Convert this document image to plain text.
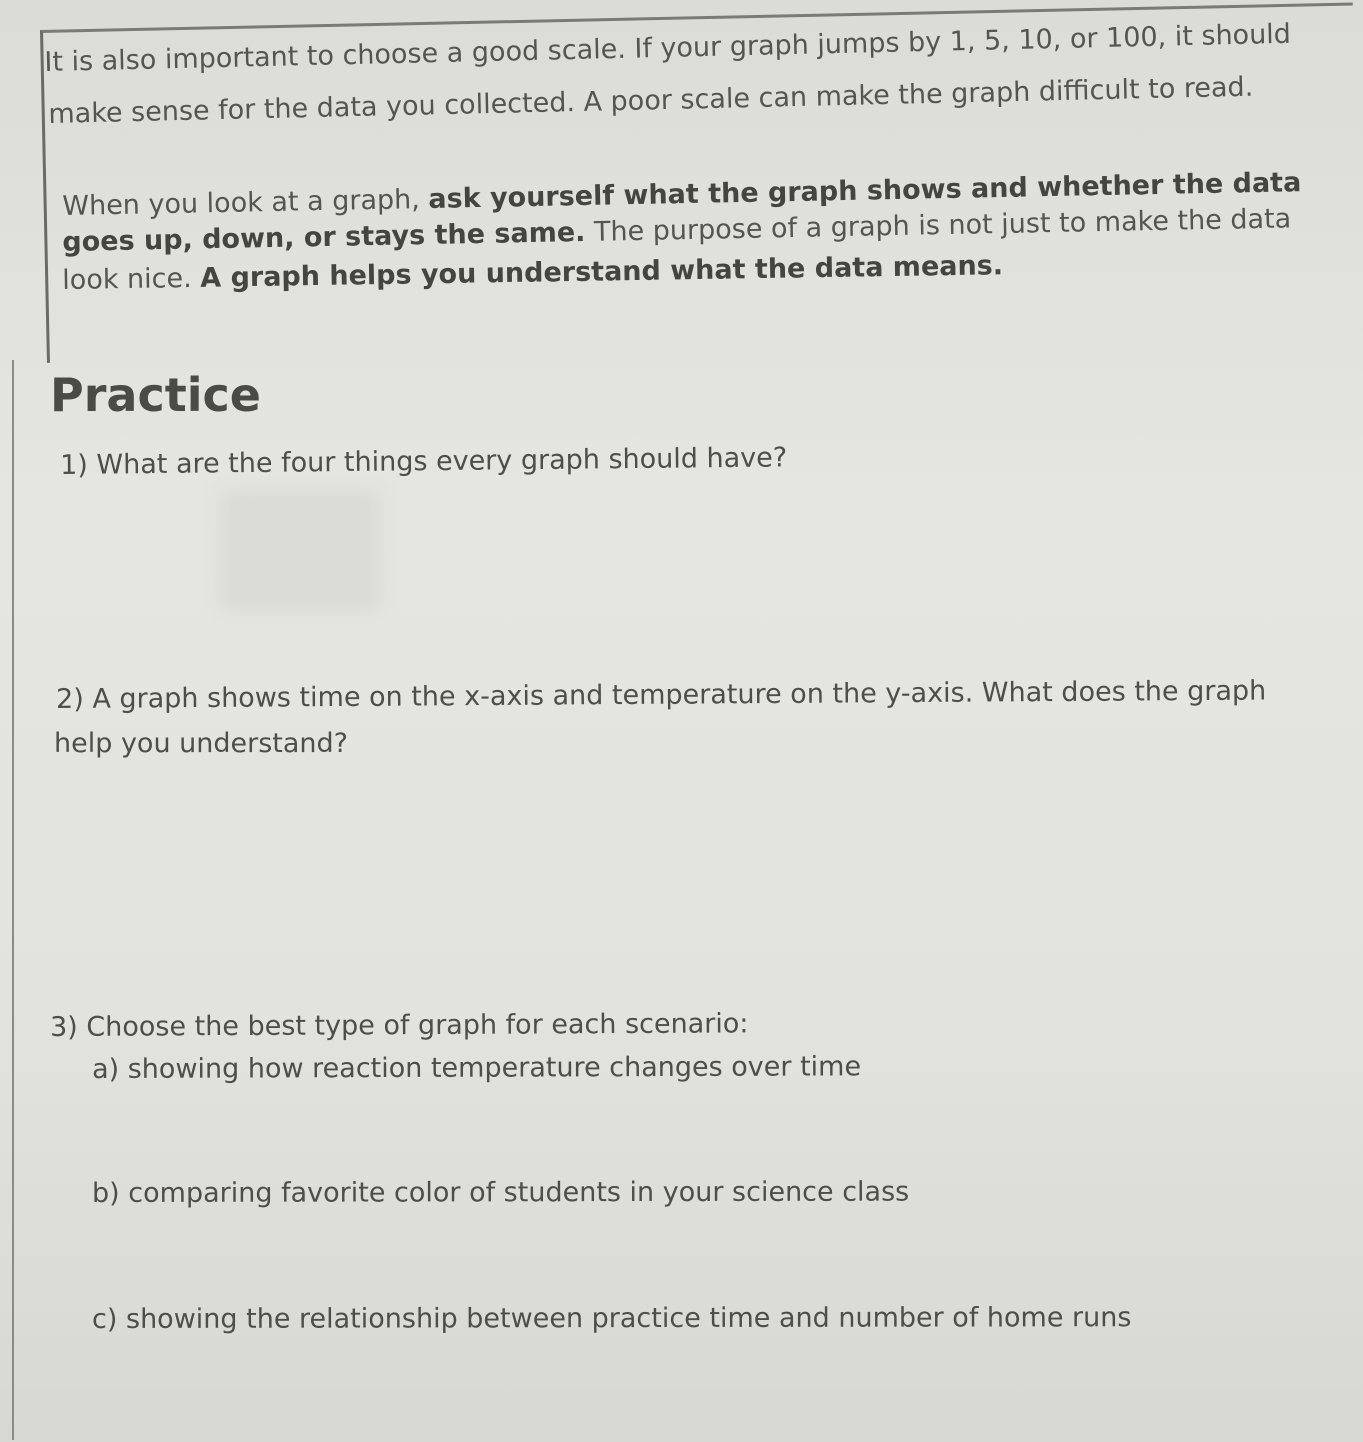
It is also important to choose a good scale. If your graph jumps by 1, 5, 10, or 100, it should
make sense for the data you collected. A poor scale can make the graph difficult to read.
When you look at a graph, ask yourself what the graph shows and whether the data
goes up, down, or stays the same. The purpose of a graph is not just to make the data
look nice. A graph helps you understand what the data means.
Practice
1) What are the four things every graph should have?
2) A graph shows time on the x-axis and temperature on the y-axis. What does the graph
help you understand?
3) Choose the best type of graph for each scenario:
a) showing how reaction temperature changes over time
b) comparing favorite color of students in your science class
c) showing the relationship between practice time and number of home runs
